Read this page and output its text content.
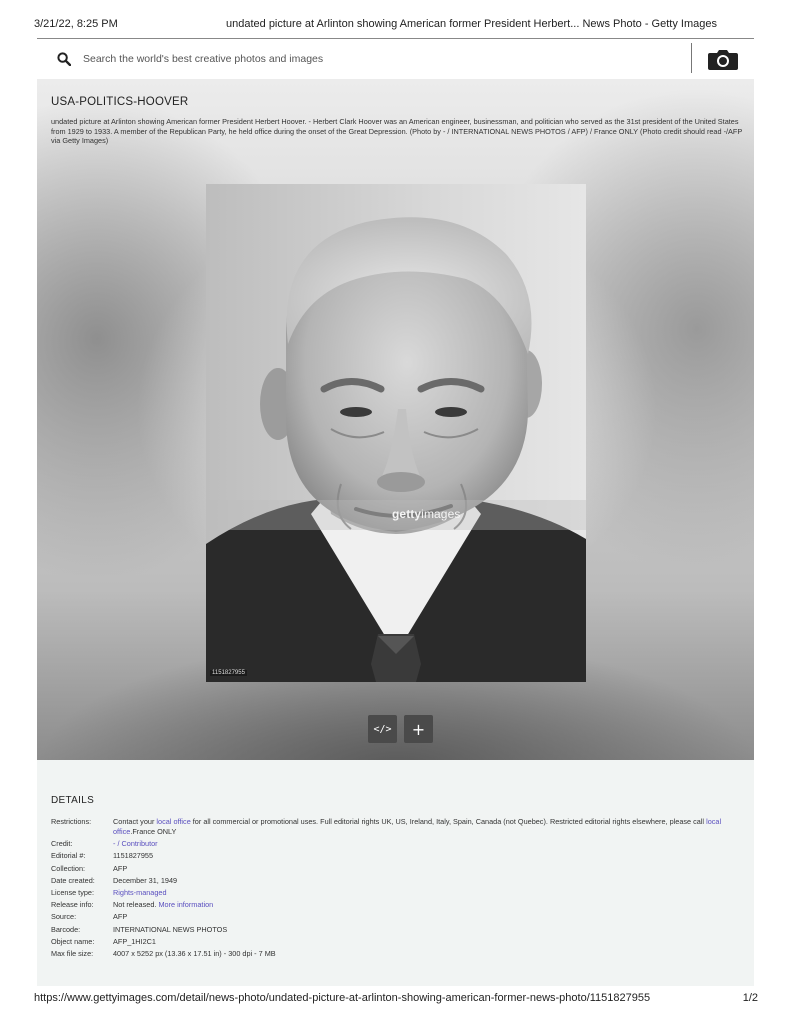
3/21/22, 8:25 PM	undated picture at Arlinton showing American former President Herbert... News Photo - Getty Images
Search the world's best creative photos and images
USA-POLITICS-HOOVER

undated picture at Arlinton showing American former President Herbert Hoover. - Herbert Clark Hoover was an American engineer, businessman, and politician who served as the 31st president of the United States from 1929 to 1933. A member of the Republican Party, he held office during the onset of the Great Depression. (Photo by - / INTERNATIONAL NEWS PHOTOS / AFP) / France ONLY (Photo credit should read -/AFP via Getty Images)

gettyimages
1151827955
</>	+
DETAILS
Restrictions:	Contact your local office for all commercial or promotional uses. Full editorial rights UK, US, Ireland, Italy, Spain, Canada (not Quebec). Restricted editorial rights elsewhere, please call local office.France ONLY
Credit:	- / Contributor
Editorial #:	1151827955
Collection:	AFP
Date created: December 31, 1949
License type:	Rights-managed
Release info:	Not released. More information
Source:	AFP
Barcode:	INTERNATIONAL NEWS PHOTOS
Object name:	AFP_1HI2C1
Max file size:	4007 x 5252 px (13.36 x 17.51 in) - 300 dpi - 7 MB
https://www.gettyimages.com/detail/news-photo/undated-picture-at-arlinton-showing-american-former-news-photo/1151827955	1/2
